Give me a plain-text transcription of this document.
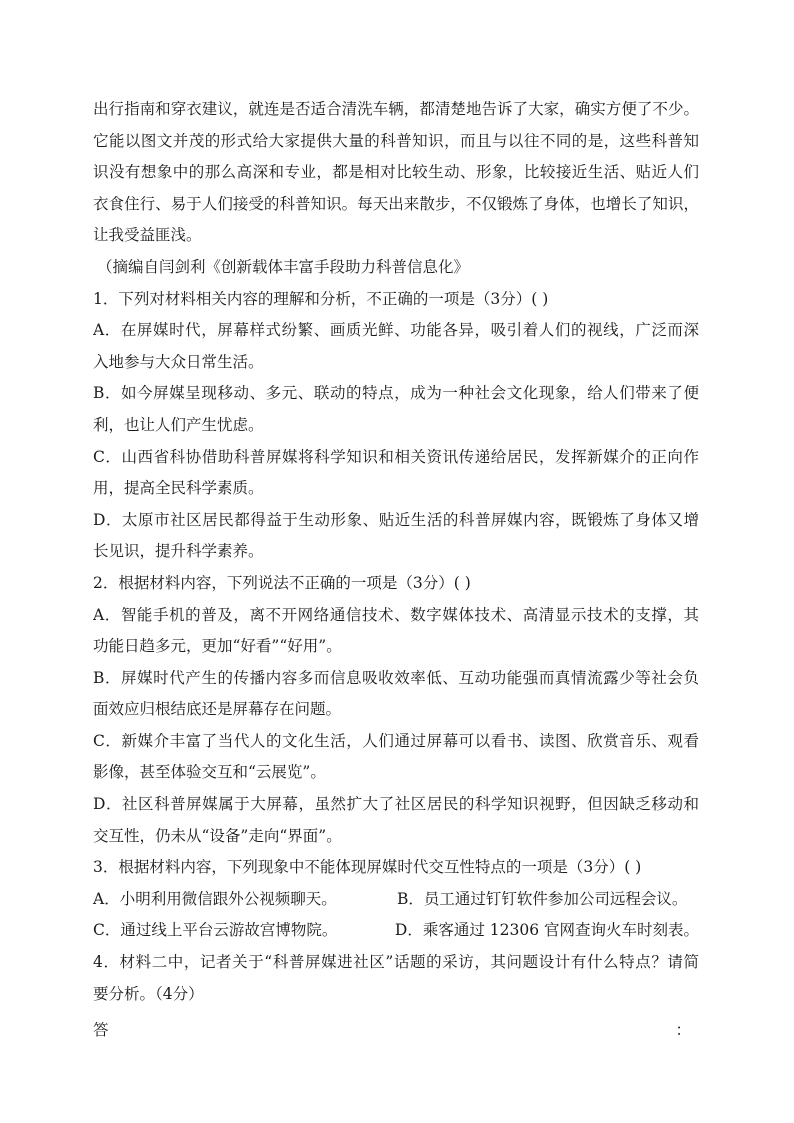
出行指南和穿衣建议，就连是否适合清洗车辆，都清楚地告诉了大家，确实方便了不少。
它能以图文并茂的形式给大家提供大量的科普知识，而且与以往不同的是，这些科普知
识没有想象中的那么高深和专业，都是相对比较生动、形象，比较接近生活、贴近人们
衣食住行、易于人们接受的科普知识。每天出来散步，不仅锻炼了身体，也增长了知识，
让我受益匪浅。
（摘编自闫剑利《创新载体丰富手段助力科普信息化》
1．下列对材料相关内容的理解和分析，不正确的一项是（3分）( )
A．在屏媒时代，屏幕样式纷繁、画质光鲜、功能各异，吸引着人们的视线，广泛而深
入地参与大众日常生活。
B．如今屏媒呈现移动、多元、联动的特点，成为一种社会文化现象，给人们带来了便
利，也让人们产生忧虑。
C．山西省科协借助科普屏媒将科学知识和相关资讯传递给居民，发挥新媒介的正向作
用，提高全民科学素质。
D．太原市社区居民都得益于生动形象、贴近生活的科普屏媒内容，既锻炼了身体又增
长见识，提升科学素养。
2．根据材料内容，下列说法不正确的一项是（3分）( )
A．智能手机的普及，离不开网络通信技术、数字媒体技术、高清显示技术的支撑，其
功能日趋多元，更加“好看”“好用”。
B．屏媒时代产生的传播内容多而信息吸收效率低、互动功能强而真情流露少等社会负
面效应归根结底还是屏幕存在问题。
C．新媒介丰富了当代人的文化生活，人们通过屏幕可以看书、读图、欣赏音乐、观看
影像，甚至体验交互和“云展览”。
D．社区科普屏媒属于大屏幕，虽然扩大了社区居民的科学知识视野，但因缺乏移动和
交互性，仍未从“设备”走向“界面”。
3．根据材料内容，下列现象中不能体现屏媒时代交互性特点的一项是（3分）( )
A．小明利用微信跟外公视频聊天。	B．员工通过钉钉软件参加公司远程会议。
C．通过线上平台云游故宫博物院。	D．乘客通过 12306 官网查询火车时刻表。
4．材料二中，记者关于“科普屏媒进社区”话题的采访，其问题设计有什么特点？请简
要分析。（4分）
答	：
